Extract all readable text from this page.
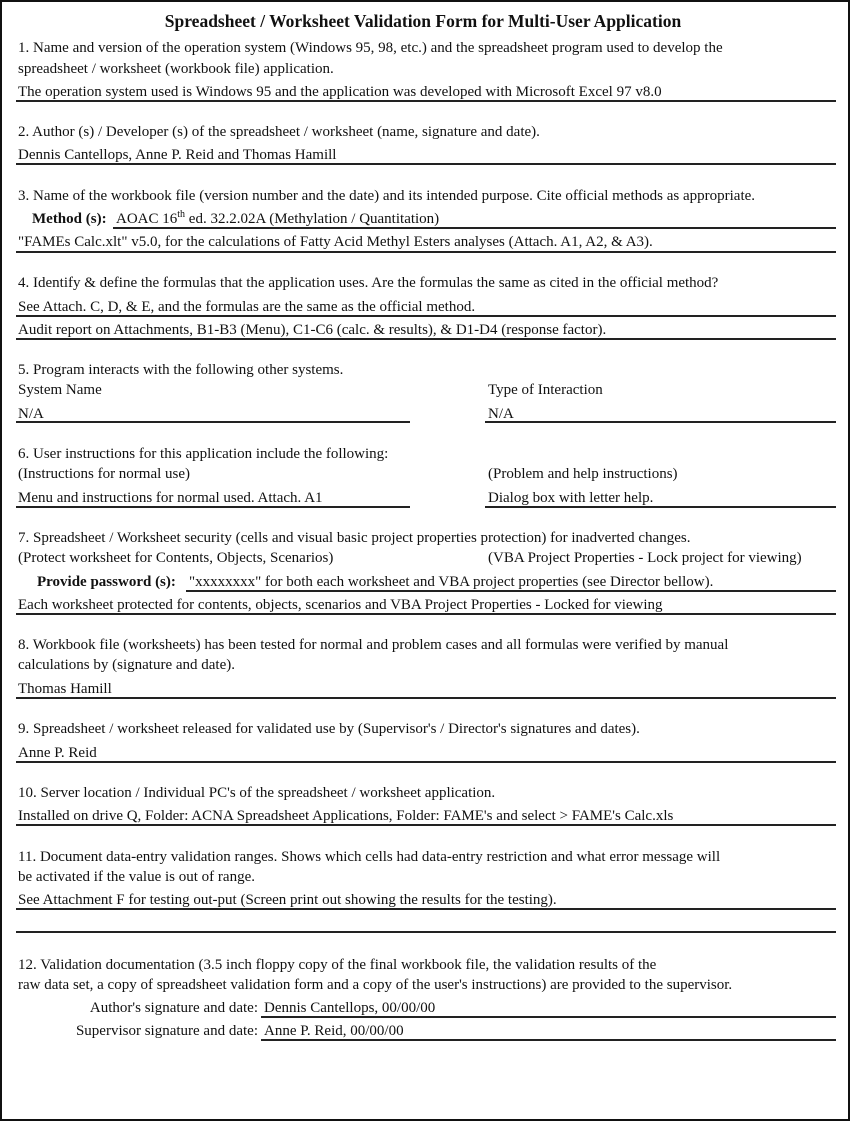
Spreadsheet / Worksheet Validation Form for Multi-User Application
1. Name and version of the operation system (Windows 95, 98, etc.) and the spreadsheet program used to develop the
spreadsheet / worksheet (workbook file) application.
The operation system used is Windows 95 and the application was developed with Microsoft Excel 97 v8.0
2. Author (s) / Developer (s) of the spreadsheet / worksheet (name, signature and date).
Dennis Cantellops, Anne P. Reid and Thomas Hamill
3. Name of the workbook file (version number and the date) and its intended purpose. Cite official methods as appropriate.
Method (s): AOAC 16th ed. 32.2.02A (Methylation / Quantitation)
"FAMEs Calc.xlt" v5.0, for the calculations of Fatty Acid Methyl Esters analyses (Attach. A1, A2, & A3).
4. Identify & define the formulas that the application uses. Are the formulas the same as cited in the official method?
See Attach. C, D, & E, and the formulas are the same as the official method.
Audit report on Attachments, B1-B3 (Menu), C1-C6 (calc. & results), & D1-D4 (response factor).
5. Program interacts with the following other systems.
System Name	Type of Interaction
N/A	N/A
6. User instructions for this application include the following:
(Instructions for normal use)	(Problem and help instructions)
Menu and instructions for normal used. Attach. A1	Dialog box with letter help.
7. Spreadsheet / Worksheet security (cells and visual basic project properties protection) for inadverted changes.
(Protect worksheet for Contents, Objects, Scenarios)	(VBA Project Properties - Lock project for viewing)
Provide password (s): "xxxxxxxx" for both each worksheet and VBA project properties (see Director bellow).
Each worksheet protected for contents, objects, scenarios and VBA Project Properties - Locked for viewing
8. Workbook file (worksheets) has been tested for normal and problem cases and all formulas were verified by manual
calculations by (signature and date).
Thomas Hamill
9. Spreadsheet / worksheet released for validated use by (Supervisor's / Director's signatures and dates).
Anne P. Reid
10. Server location / Individual PC's of the spreadsheet / worksheet application.
Installed on drive Q, Folder: ACNA Spreadsheet Applications, Folder: FAME's and select > FAME's Calc.xls
11. Document data-entry validation ranges. Shows which cells had data-entry restriction and what error message will
be activated if the value is out of range.
See Attachment F for testing out-put (Screen print out showing the results for the testing).
12. Validation documentation (3.5 inch floppy copy of the final workbook file, the validation results of the
raw data set, a copy of spreadsheet validation form and a copy of the user's instructions) are provided to the supervisor.
Author's signature and date: Dennis Cantellops, 00/00/00
Supervisor signature and date: Anne P. Reid, 00/00/00
